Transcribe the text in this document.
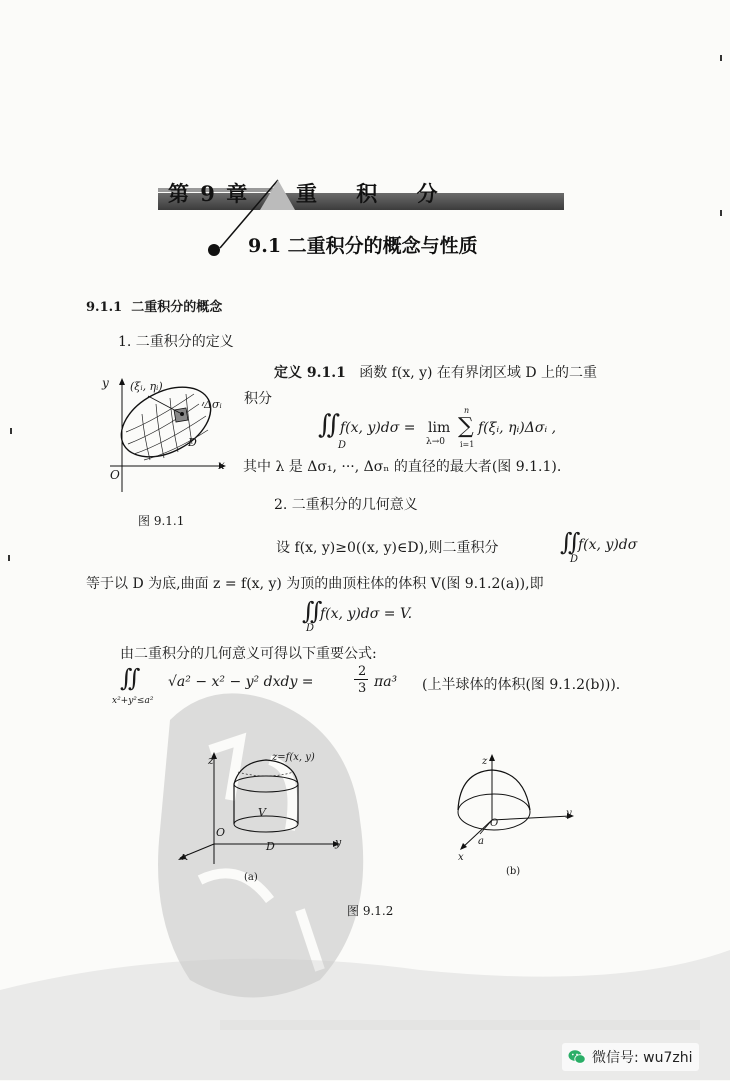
第 9 章 重 积 分
9.1 二重积分的概念与性质
9.1.1 二重积分的概念
1. 二重积分的定义
定义 9.1.1 函数 f(x, y) 在有界闭区域 D 上的二重
积分
∬
D
f(x, y)dσ = lim
λ→0
∑
n
i=1
f(ξᵢ, ηᵢ)Δσᵢ ,
其中 λ 是 Δσ₁, ···, Δσₙ 的直径的最大者(图 9.1.1).
y
x
O
(ξᵢ, ηᵢ)
Δσᵢ
D
图 9.1.1
2. 二重积分的几何意义
设 f(x, y)≥0((x, y)∈D),则二重积分	∬
D
f(x, y)dσ
等于以 D 为底,曲面 z = f(x, y) 为顶的曲顶柱体的体积 V(图 9.1.2(a)),即
∬
D
f(x, y)dσ = V.
由二重积分的几何意义可得以下重要公式:
∬
x²+y²≤a²
√a² − x² − y² dxdy =
2
3 πa³ (上半球体的体积(图 9.1.2(b))).
z	z=f(x, y)
V
O
D
x
y
(a)
z
O
a
x
y
(b)
图 9.1.2
微信号: wu7zhi
